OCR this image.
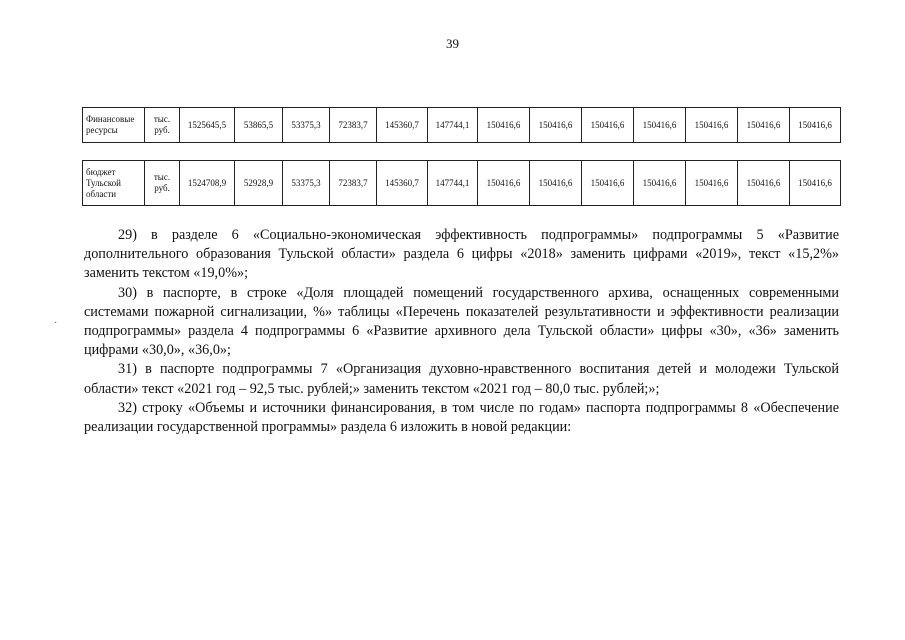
39
Финансовые ресурсы	тыс. руб.	1525645,5	53865,5	53375,3	72383,7	145360,7	147744,1	150416,6	150416,6	150416,6	150416,6	150416,6	150416,6	150416,6
бюджет Тульской области	тыс. руб.	1524708,9	52928,9	53375,3	72383,7	145360,7	147744,1	150416,6	150416,6	150416,6	150416,6	150416,6	150416,6	150416,6
·

29) в разделе 6 «Социально-экономическая эффективность подпрограммы» подпрограммы 5 «Развитие дополнительного образования Тульской области» раздела 6 цифры «2018» заменить цифрами «2019», текст «15,2%» заменить текстом «19,0%»;

30) в паспорте, в строке «Доля площадей помещений государственного архива, оснащенных современными системами пожарной сигнализации, %» таблицы «Перечень показателей результативности и эффективности реализации подпрограммы» раздела 4 подпрограммы 6 «Развитие архивного дела Тульской области» цифры «30», «36» заменить цифрами «30,0», «36,0»;

31) в паспорте подпрограммы 7 «Организация духовно-нравственного воспитания детей и молодежи Тульской области» текст «2021 год – 92,5 тыс. рублей;» заменить текстом «2021 год – 80,0 тыс. рублей;»;

32) строку «Объемы и источники финансирования, в том числе по годам» паспорта подпрограммы 8 «Обеспечение реализации государственной программы» раздела 6 изложить в новой редакции:
